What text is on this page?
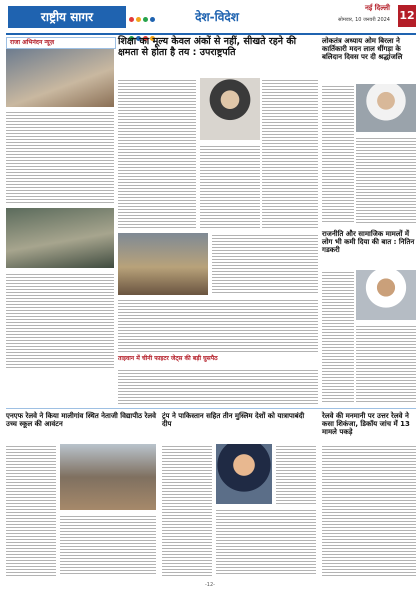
राष्ट्रीय सागर	देश-विदेश
नई दिल्ली
सोमवार, 10 जनवरी 2024 12
राजा अभिनंदन न्यूज़	शिक्षा का मूल्य केवल अंकों से नहीं, सीखते रहने की क्षमता से होता है तय : उपराष्ट्रपति
ताइवान में चीनी फाइटर जेट्स की बड़ी घुसपैठ
लोकतंत्र अध्याय ओम बिरला ने कार्तिकारी मदन लाल धींगड़ा के बलिदान दिवस पर दी श्रद्धांजलि
राजनीति और सामाजिक मामलों में लोग भी कमी दिया की बात : नितिन गडकरी
एनएफ रेलवे ने किया मालीगांव स्थित नेताजी विद्यापीठ रेलवे उच्च स्कूल की आवंटन
ट्रंप ने पाकिस्तान सहित तीन मुस्लिम देशों को यात्रापाबंदी दीप
रेलवे की मनमानी पर उत्तर रेलवे ने कसा शिकंजा, डिकॉय जांच में 13 मामले पकड़े
-12-
